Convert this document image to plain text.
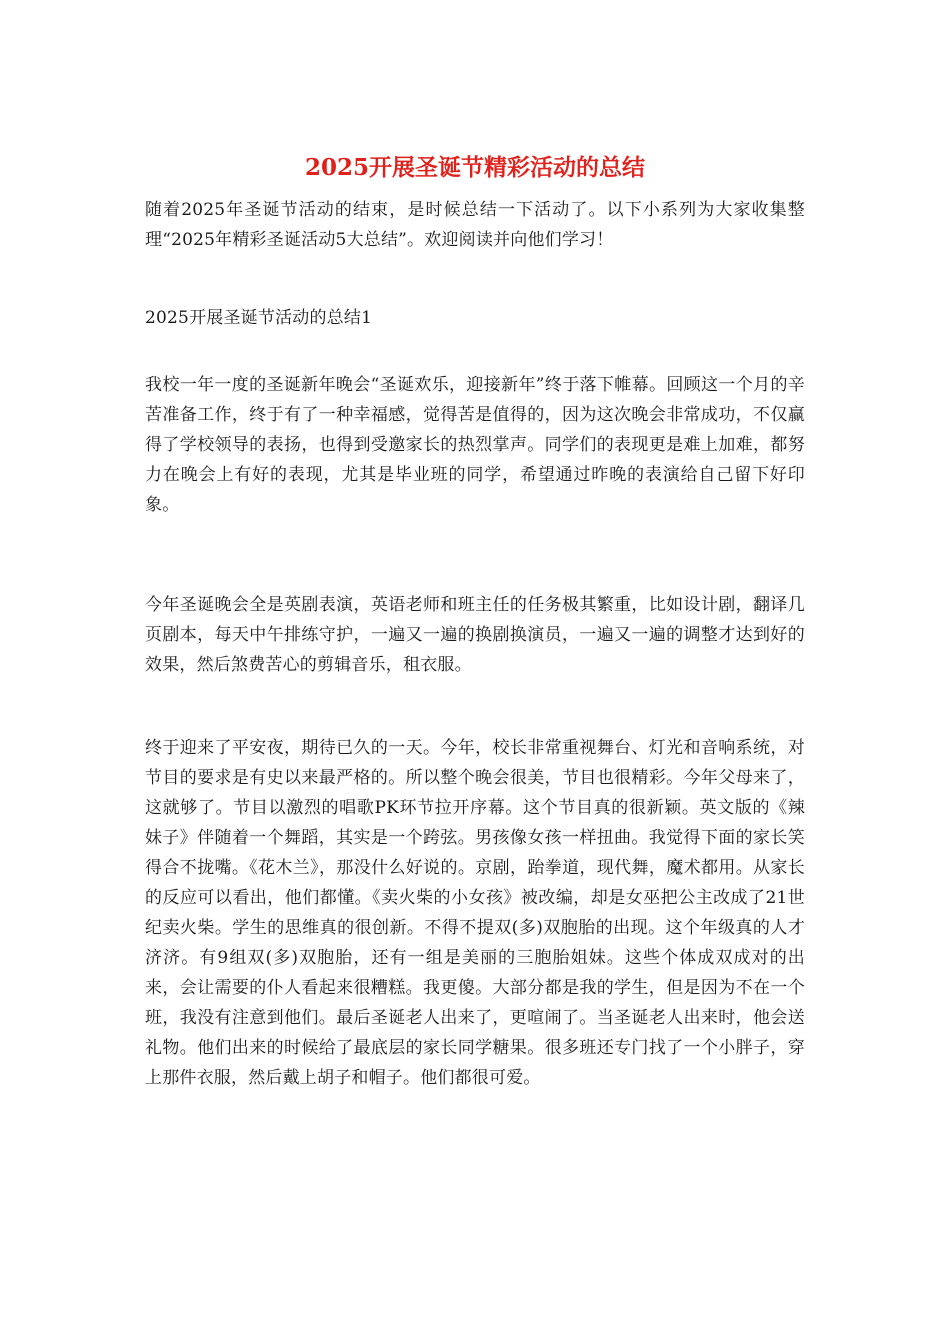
2025开展圣诞节精彩活动的总结

随着2025年圣诞节活动的结束，是时候总结一下活动了。以下小系列为大家收集整理“2025年精彩圣诞活动5大总结”。欢迎阅读并向他们学习！

2025开展圣诞节活动的总结1

我校一年一度的圣诞新年晚会“圣诞欢乐，迎接新年”终于落下帷幕。回顾这一个月的辛苦准备工作，终于有了一种幸福感，觉得苦是值得的，因为这次晚会非常成功，不仅赢得了学校领导的表扬，也得到受邀家长的热烈掌声。同学们的表现更是难上加难，都努力在晚会上有好的表现，尤其是毕业班的同学，希望通过昨晚的表演给自己留下好印象。

今年圣诞晚会全是英剧表演，英语老师和班主任的任务极其繁重，比如设计剧，翻译几页剧本，每天中午排练守护，一遍又一遍的换剧换演员，一遍又一遍的调整才达到好的效果，然后煞费苦心的剪辑音乐，租衣服。

终于迎来了平安夜，期待已久的一天。今年，校长非常重视舞台、灯光和音响系统，对节目的要求是有史以来最严格的。所以整个晚会很美，节目也很精彩。今年父母来了，这就够了。节目以激烈的唱歌PK环节拉开序幕。这个节目真的很新颖。英文版的《辣妹子》伴随着一个舞蹈，其实是一个跨弦。男孩像女孩一样扭曲。我觉得下面的家长笑得合不拢嘴。《花木兰》，那没什么好说的。京剧，跆拳道，现代舞，魔术都用。从家长的反应可以看出，他们都懂。《卖火柴的小女孩》被改编，却是女巫把公主改成了21世纪卖火柴。学生的思维真的很创新。不得不提双(多)双胞胎的出现。这个年级真的人才济济。有9组双(多)双胞胎，还有一组是美丽的三胞胎姐妹。这些个体成双成对的出来，会让需要的仆人看起来很糟糕。我更傻。大部分都是我的学生，但是因为不在一个班，我没有注意到他们。最后圣诞老人出来了，更喧闹了。当圣诞老人出来时，他会送礼物。他们出来的时候给了最底层的家长同学糖果。很多班还专门找了一个小胖子，穿上那件衣服，然后戴上胡子和帽子。他们都很可爱。
